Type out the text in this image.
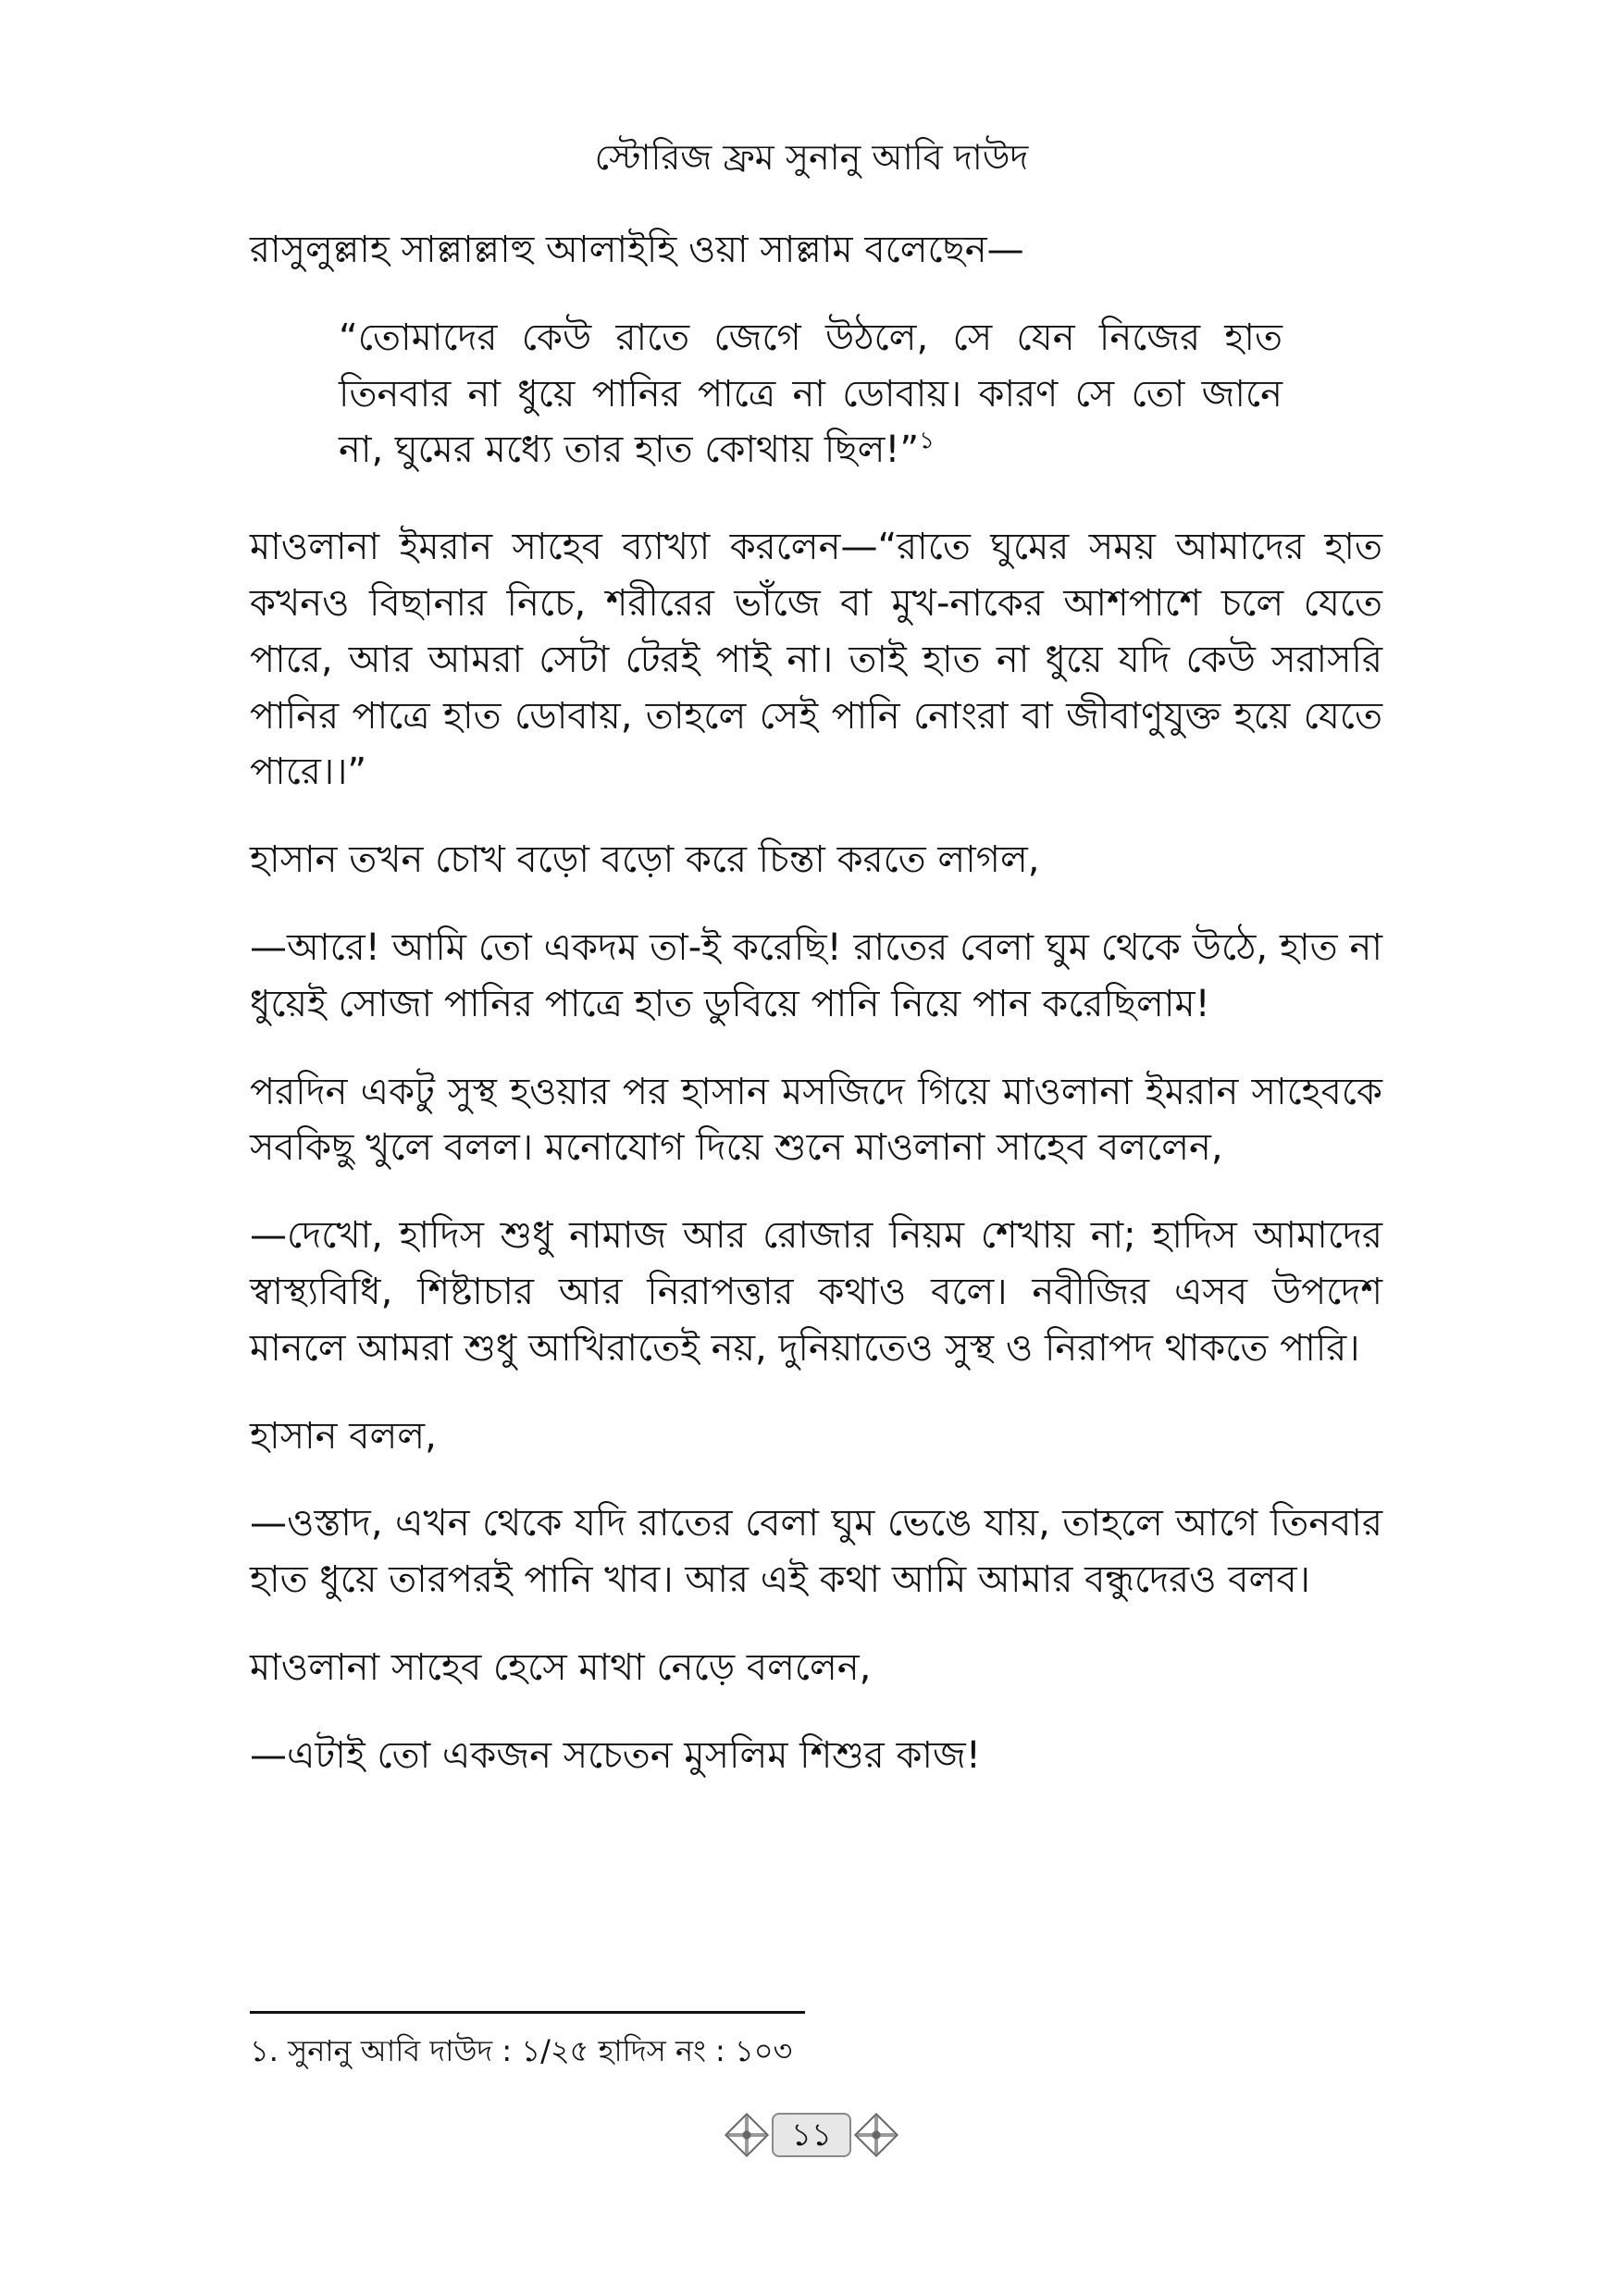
স্টোরিজ ফ্রম সুনানু আবি দাউদ

রাসুলুল্লাহ সাল্লাল্লাহু আলাইহি ওয়া সাল্লাম বলেছেন—

“তোমাদের কেউ রাতে জেগে উঠলে, সে যেন নিজের হাত তিনবার না ধুয়ে পানির পাত্রে না ডোবায়। কারণ সে তো জানে না, ঘুমের মধ্যে তার হাত কোথায় ছিল!”$^১$

মাওলানা ইমরান সাহেব ব্যাখ্যা করলেন—“রাতে ঘুমের সময় আমাদের হাত কখনও বিছানার নিচে, শরীরের ভাঁজে বা মুখ-নাকের আশপাশে চলে যেতে পারে, আর আমরা সেটা টেরই পাই না। তাই হাত না ধুয়ে যদি কেউ সরাসরি পানির পাত্রে হাত ডোবায়, তাহলে সেই পানি নোংরা বা জীবাণুযুক্ত হয়ে যেতে পারে।।”

হাসান তখন চোখ বড়ো বড়ো করে চিন্তা করতে লাগল,

—আরে! আমি তো একদম তা-ই করেছি! রাতের বেলা ঘুম থেকে উঠে, হাত না ধুয়েই সোজা পানির পাত্রে হাত ডুবিয়ে পানি নিয়ে পান করেছিলাম!

পরদিন একটু সুস্থ হওয়ার পর হাসান মসজিদে গিয়ে মাওলানা ইমরান সাহেবকে সবকিছু খুলে বলল। মনোযোগ দিয়ে শুনে মাওলানা সাহেব বললেন,

—দেখো, হাদিস শুধু নামাজ আর রোজার নিয়ম শেখায় না; হাদিস আমাদের স্বাস্থ্যবিধি, শিষ্টাচার আর নিরাপত্তার কথাও বলে। নবীজির এসব উপদেশ মানলে আমরা শুধু আখিরাতেই নয়, দুনিয়াতেও সুস্থ ও নিরাপদ থাকতে পারি।

হাসান বলল,

—ওস্তাদ, এখন থেকে যদি রাতের বেলা ঘুম ভেঙে যায়, তাহলে আগে তিনবার হাত ধুয়ে তারপরই পানি খাব। আর এই কথা আমি আমার বন্ধুদেরও বলব।

মাওলানা সাহেব হেসে মাথা নেড়ে বললেন,

—এটাই তো একজন সচেতন মুসলিম শিশুর কাজ!

১. সুনানু আবি দাউদ : ১/২৫ হাদিস নং : ১০৩
১১
